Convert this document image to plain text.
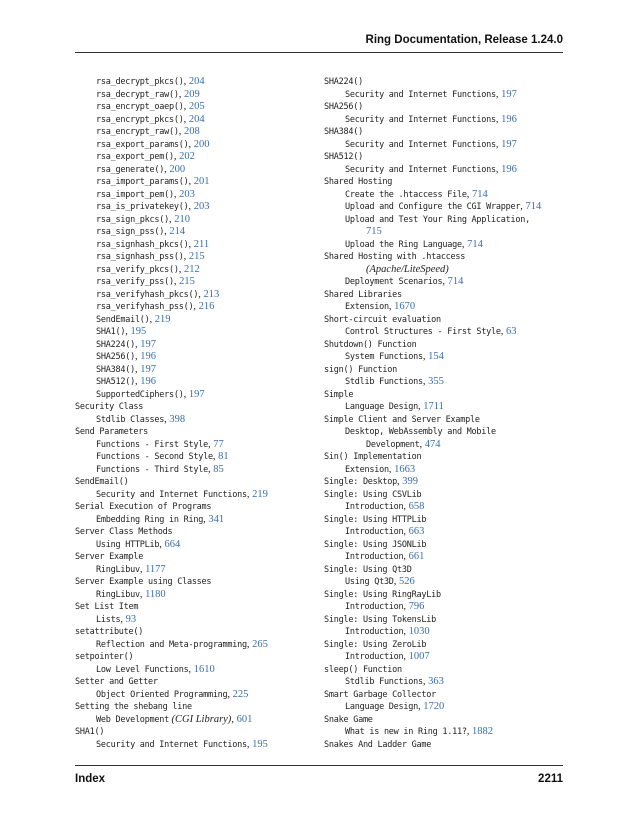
Ring Documentation, Release 1.24.0
rsa_decrypt_pkcs(), 204
rsa_decrypt_raw(), 209
rsa_encrypt_oaep(), 205
rsa_encrypt_pkcs(), 204
rsa_encrypt_raw(), 208
rsa_export_params(), 200
rsa_export_pem(), 202
rsa_generate(), 200
rsa_import_params(), 201
rsa_import_pem(), 203
rsa_is_privatekey(), 203
rsa_sign_pkcs(), 210
rsa_sign_pss(), 214
rsa_signhash_pkcs(), 211
rsa_signhash_pss(), 215
rsa_verify_pkcs(), 212
rsa_verify_pss(), 215
rsa_verifyhash_pkcs(), 213
rsa_verifyhash_pss(), 216
SendEmail(), 219
SHA1(), 195
SHA224(), 197
SHA256(), 196
SHA384(), 197
SHA512(), 196
SupportedCiphers(), 197
Security Class
Stdlib Classes, 398
Send Parameters
Functions - First Style, 77
Functions - Second Style, 81
Functions - Third Style, 85
SendEmail()
Security and Internet Functions, 219
Serial Execution of Programs
Embedding Ring in Ring, 341
Server Class Methods
Using HTTPLib, 664
Server Example
RingLibuv, 1177
Server Example using Classes
RingLibuv, 1180
Set List Item
Lists, 93
setattribute()
Reflection and Meta-programming, 265
setpointer()
Low Level Functions, 1610
Setter and Getter
Object Oriented Programming, 225
Setting the shebang line
Web Development (CGI Library), 601
SHA1()
Security and Internet Functions, 195
SHA224()
Security and Internet Functions, 197
SHA256()
Security and Internet Functions, 196
SHA384()
Security and Internet Functions, 197
SHA512()
Security and Internet Functions, 196
Shared Hosting
Create the .htaccess File, 714
Upload and Configure the CGI Wrapper, 714
Upload and Test Your Ring Application,
715
Upload the Ring Language, 714
Shared Hosting with .htaccess
(Apache/LiteSpeed)
Deployment Scenarios, 714
Shared Libraries
Extension, 1670
Short-circuit evaluation
Control Structures - First Style, 63
Shutdown() Function
System Functions, 154
sign() Function
Stdlib Functions, 355
Simple
Language Design, 1711
Simple Client and Server Example
Desktop, WebAssembly and Mobile
Development, 474
Sin() Implementation
Extension, 1663
Single: Desktop, 399
Single: Using CSVLib
Introduction, 658
Single: Using HTTPLib
Introduction, 663
Single: Using JSONLib
Introduction, 661
Single: Using Qt3D
Using Qt3D, 526
Single: Using RingRayLib
Introduction, 796
Single: Using TokensLib
Introduction, 1030
Single: Using ZeroLib
Introduction, 1007
sleep() Function
Stdlib Functions, 363
Smart Garbage Collector
Language Design, 1720
Snake Game
What is new in Ring 1.11?, 1882
Snakes And Ladder Game
Index	2211
